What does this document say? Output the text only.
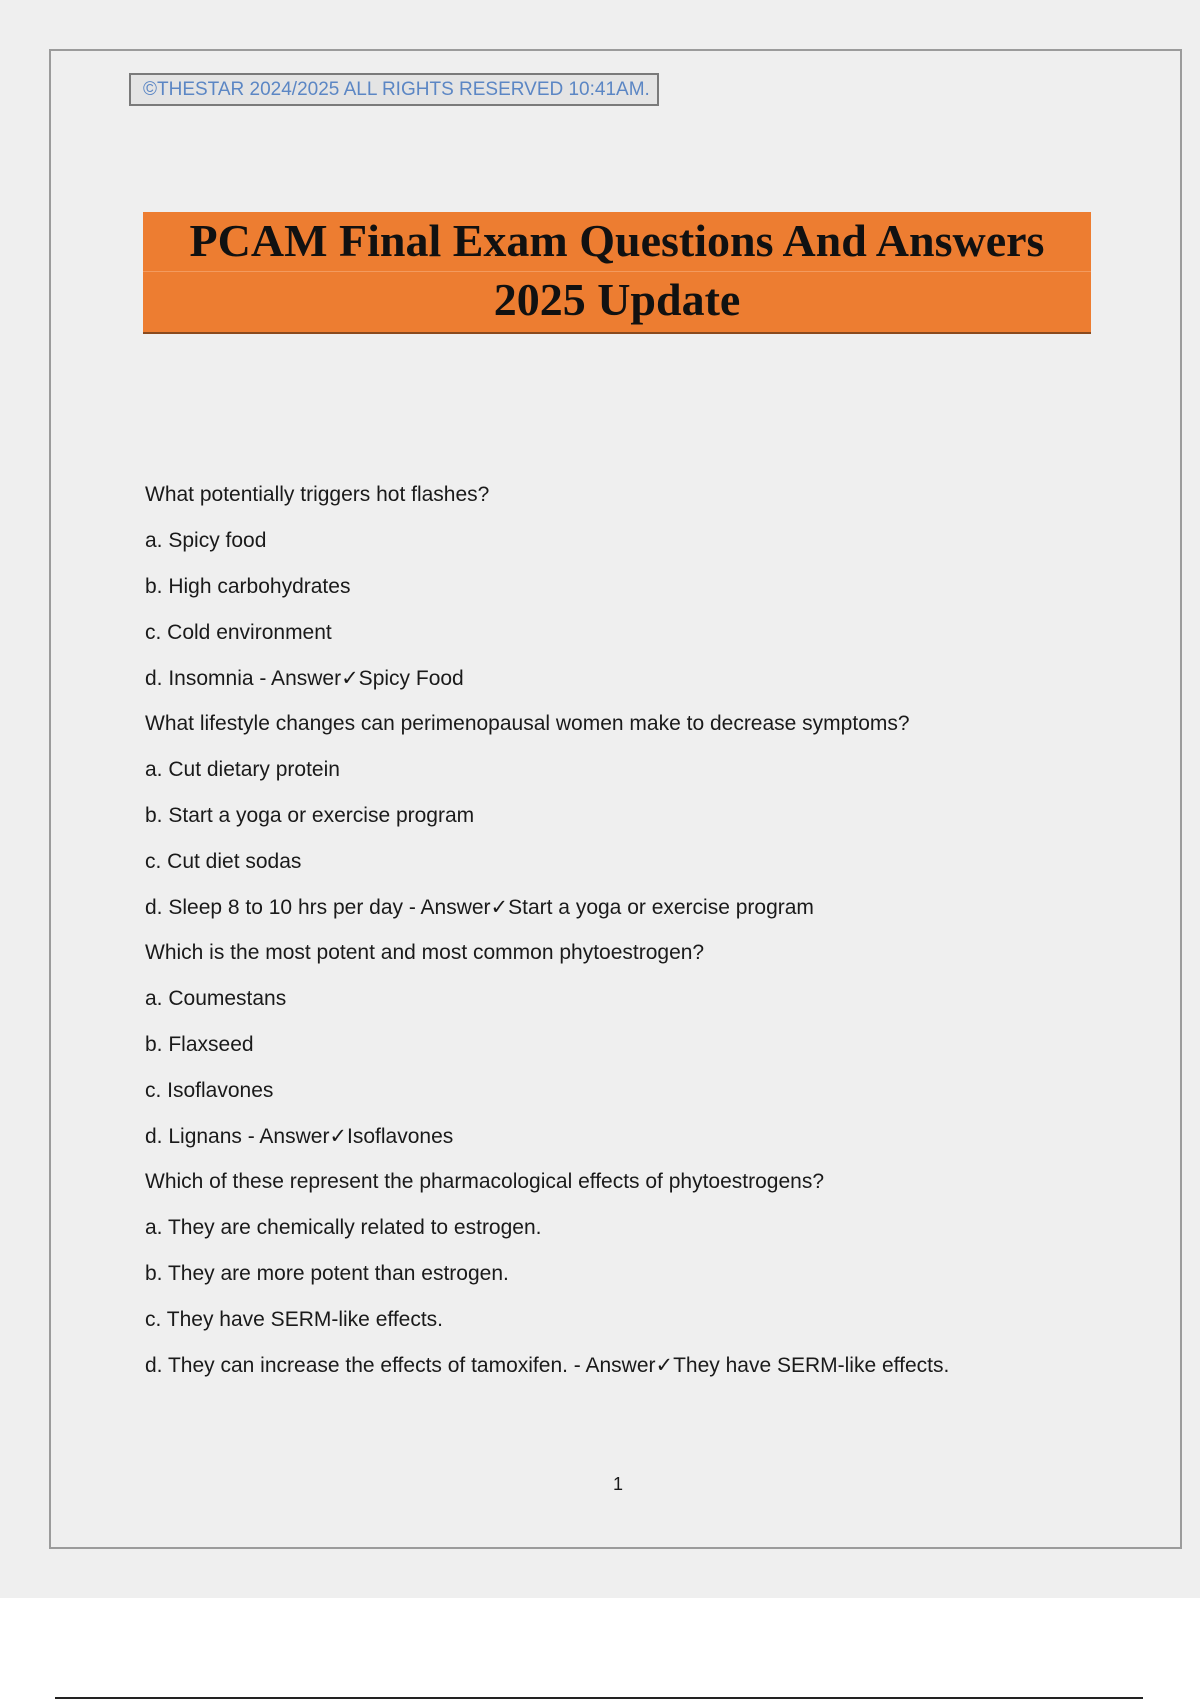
©THESTAR 2024/2025 ALL RIGHTS RESERVED 10:41AM.
PCAM Final Exam Questions And Answers
2025 Update
What potentially triggers hot flashes?
a. Spicy food
b. High carbohydrates
c. Cold environment
d. Insomnia - Answer✓Spicy Food
What lifestyle changes can perimenopausal women make to decrease symptoms?
a. Cut dietary protein
b. Start a yoga or exercise program
c. Cut diet sodas
d. Sleep 8 to 10 hrs per day - Answer✓Start a yoga or exercise program
Which is the most potent and most common phytoestrogen?
a. Coumestans
b. Flaxseed
c. Isoflavones
d. Lignans - Answer✓Isoflavones
Which of these represent the pharmacological effects of phytoestrogens?
a. They are chemically related to estrogen.
b. They are more potent than estrogen.
c. They have SERM-like effects.
d. They can increase the effects of tamoxifen. - Answer✓They have SERM-like effects.
1
